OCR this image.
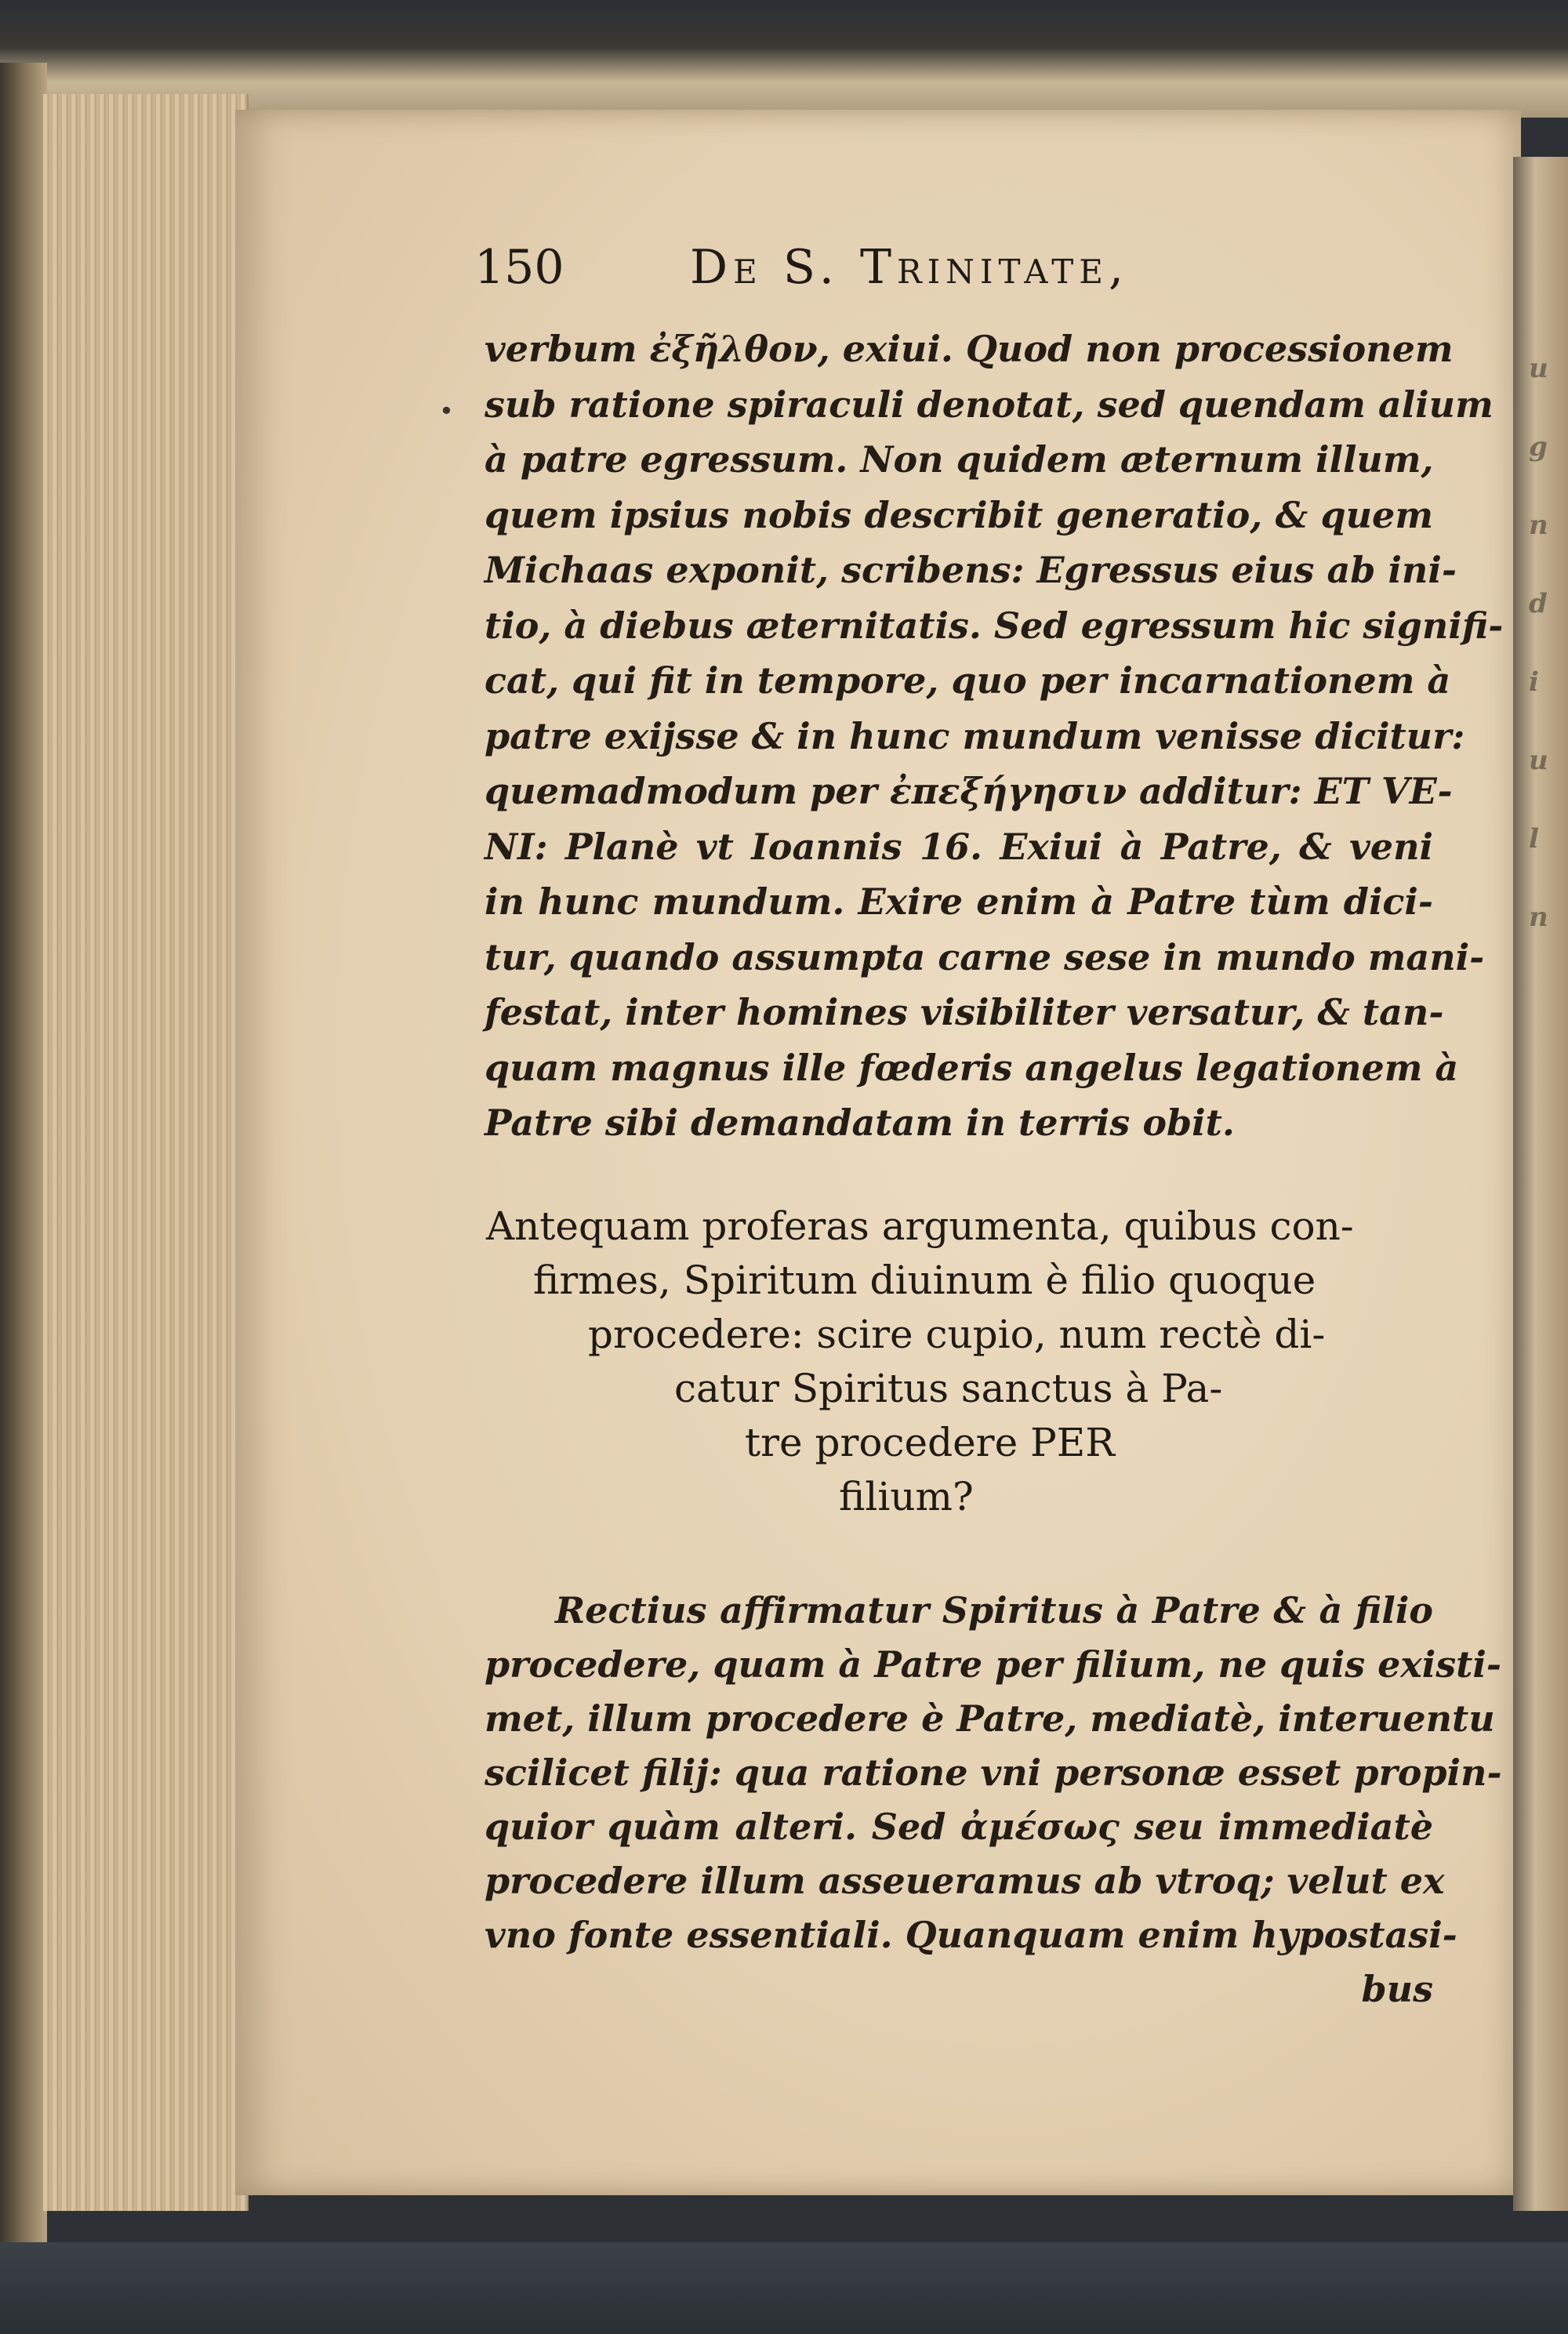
u
g
n
d
i
u
l
n
150	De S. Trinitate,
•
verbum ἐξῆλθον, exiui. Quod non processionem
sub ratione spiraculi denotat, sed quendam alium
à patre egressum. Non quidem æternum illum,
quem ipsius nobis describit generatio, & quem
Michaas exponit, scribens: Egressus eius ab ini-
tio, à diebus æternitatis. Sed egressum hic signifi-
cat, qui fit in tempore, quo per incarnationem à
patre exijsse & in hunc mundum venisse dicitur:
quemadmodum per ἐπεξήγησιν additur: ET VE-
NI: Planè vt Ioannis 16. Exiui à Patre, & veni
in hunc mundum. Exire enim à Patre tùm dici-
tur, quando assumpta carne sese in mundo mani-
festat, inter homines visibiliter versatur, & tan-
quam magnus ille fœderis angelus legationem à
Patre sibi demandatam in terris obit.
Antequam proferas argumenta, quibus con-
firmes, Spiritum diuinum è filio quoque
procedere: scire cupio, num rectè di-
catur Spiritus sanctus à Pa-
tre procedere PER
filium?
Rectius affirmatur Spiritus à Patre & à filio
procedere, quam à Patre per filium, ne quis existi-
met, illum procedere è Patre, mediatè, interuentu
scilicet filij: qua ratione vni personæ esset propin-
quior quàm alteri. Sed ἀμέσως seu immediatè
procedere illum asseueramus ab vtroq; velut ex
vno fonte essentiali. Quanquam enim hypostasi-
bus
